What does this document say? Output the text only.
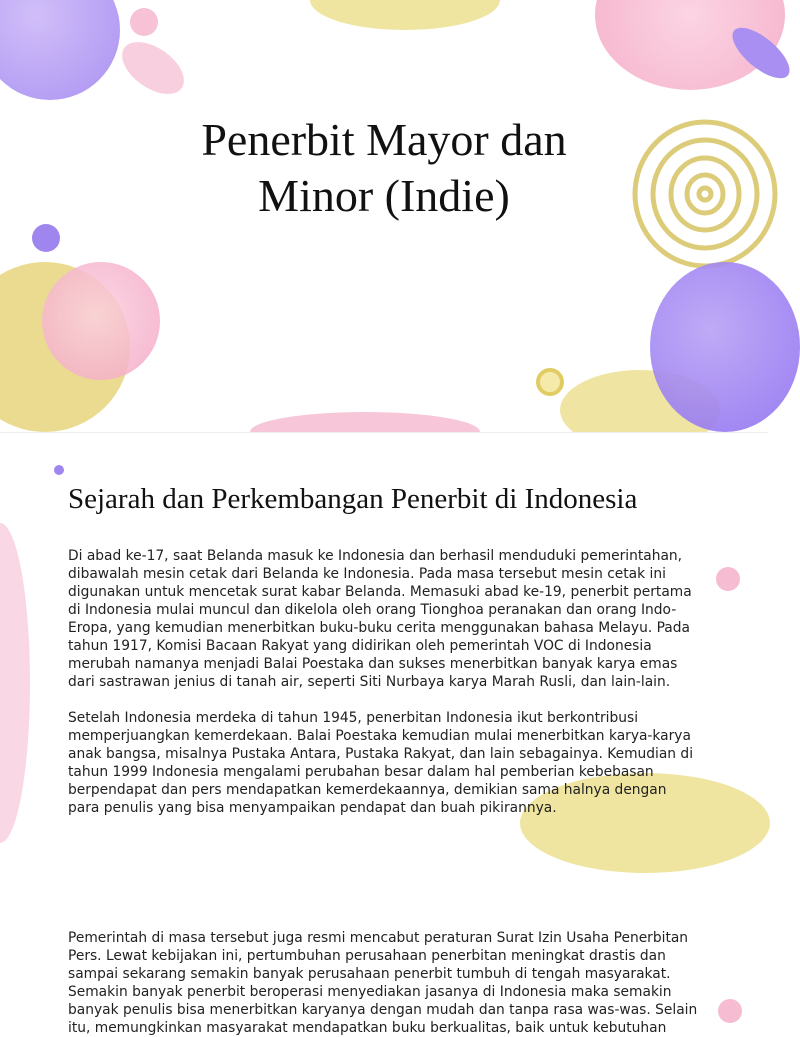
Penerbit Mayor dan
Minor (Indie)
Sejarah dan Perkembangan Penerbit di Indonesia

Di abad ke-17, saat Belanda masuk ke Indonesia dan berhasil menduduki pemerintahan, dibawalah mesin cetak dari Belanda ke Indonesia. Pada masa tersebut mesin cetak ini digunakan untuk mencetak surat kabar Belanda. Memasuki abad ke-19, penerbit pertama di Indonesia mulai muncul dan dikelola oleh orang Tionghoa peranakan dan orang Indo-Eropa, yang kemudian menerbitkan buku-buku cerita menggunakan bahasa Melayu. Pada tahun 1917, Komisi Bacaan Rakyat yang didirikan oleh pemerintah VOC di Indonesia merubah namanya menjadi Balai Poestaka dan sukses menerbitkan banyak karya emas dari sastrawan jenius di tanah air, seperti Siti Nurbaya karya Marah Rusli, dan lain-lain.

Setelah Indonesia merdeka di tahun 1945, penerbitan Indonesia ikut berkontribusi memperjuangkan kemerdekaan. Balai Poestaka kemudian mulai menerbitkan karya-karya anak bangsa, misalnya Pustaka Antara, Pustaka Rakyat, dan lain sebagainya. Kemudian di tahun 1999 Indonesia mengalami perubahan besar dalam hal pemberian kebebasan berpendapat dan pers mendapatkan kemerdekaannya, demikian sama halnya dengan para penulis yang bisa menyampaikan pendapat dan buah pikirannya.

Pemerintah di masa tersebut juga resmi mencabut peraturan Surat Izin Usaha Penerbitan Pers. Lewat kebijakan ini, pertumbuhan perusahaan penerbitan meningkat drastis dan sampai sekarang semakin banyak perusahaan penerbit tumbuh di tengah masyarakat. Semakin banyak penerbit beroperasi menyediakan jasanya di Indonesia maka semakin banyak penulis bisa menerbitkan karyanya dengan mudah dan tanpa rasa was-was. Selain itu, memungkinkan masyarakat mendapatkan buku berkualitas, baik untuk kebutuhan
